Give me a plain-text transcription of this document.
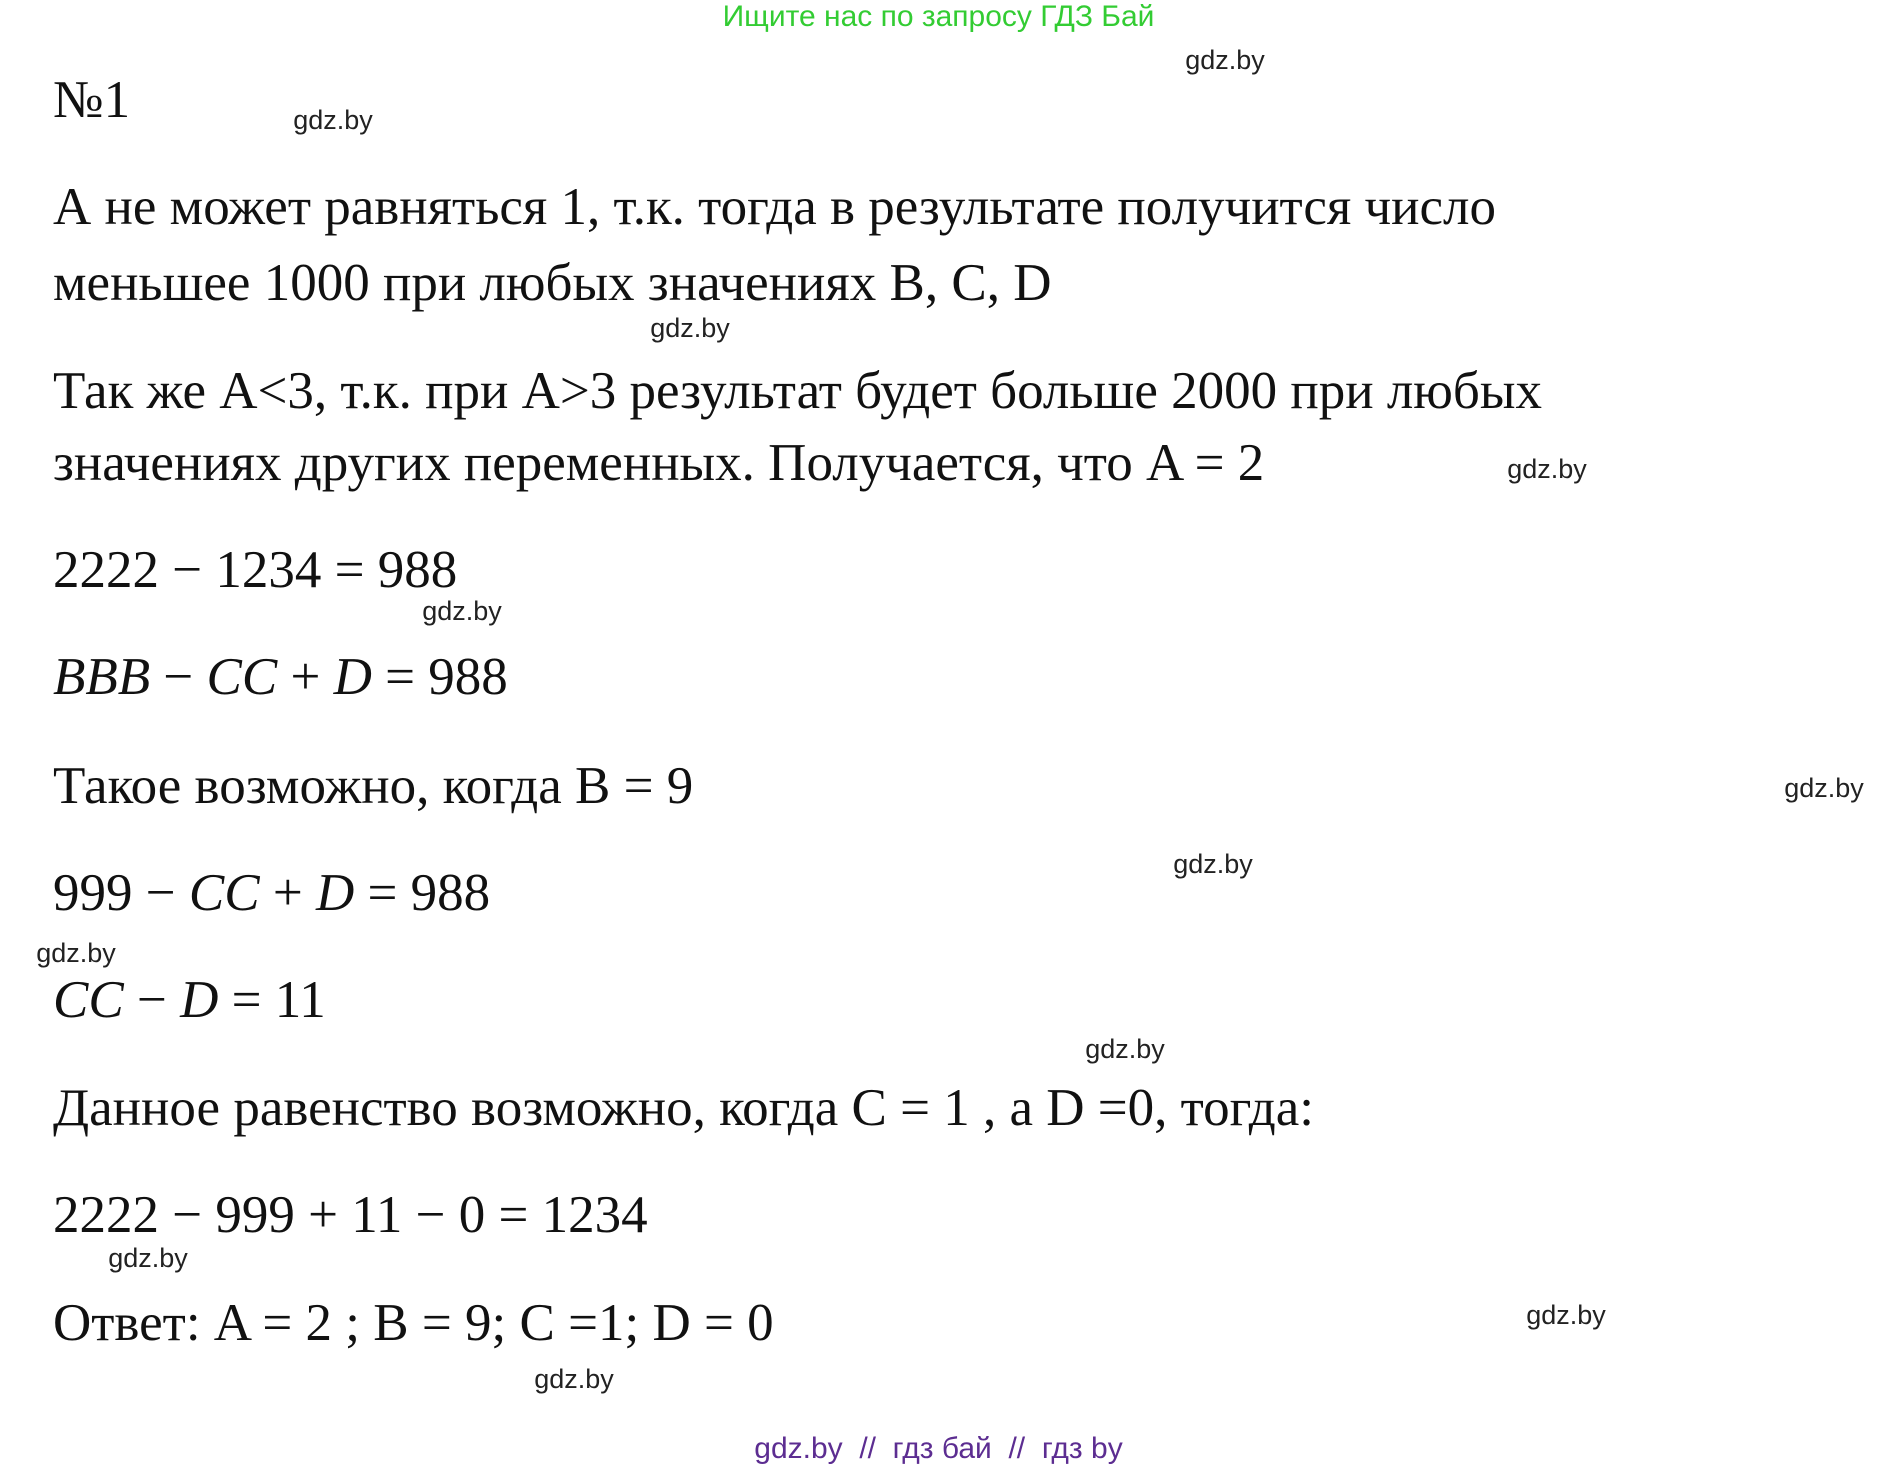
Ищите нас по запросу ГДЗ Бай
№1
А не может равняться 1, т.к. тогда в результате получится число
меньшее 1000 при любых значениях B, C, D
Так же A<3, т.к. при A>3 результат будет больше 2000 при любых
значениях других переменных. Получается, что A = 2
2222 − 1234 = 988
BBB − CC + D = 988
Такое возможно, когда B = 9
999 − CC + D = 988
CC − D = 11
Данное равенство возможно, когда C = 1 , а D =0, тогда:
2222 − 999 + 11 − 0 = 1234
Ответ: A = 2 ; B = 9; C =1; D = 0
gdz.by
gdz.by
gdz.by
gdz.by
gdz.by
gdz.by
gdz.by
gdz.by
gdz.by
gdz.by
gdz.by
gdz.by
gdz.by  //  гдз бай  //  гдз by
